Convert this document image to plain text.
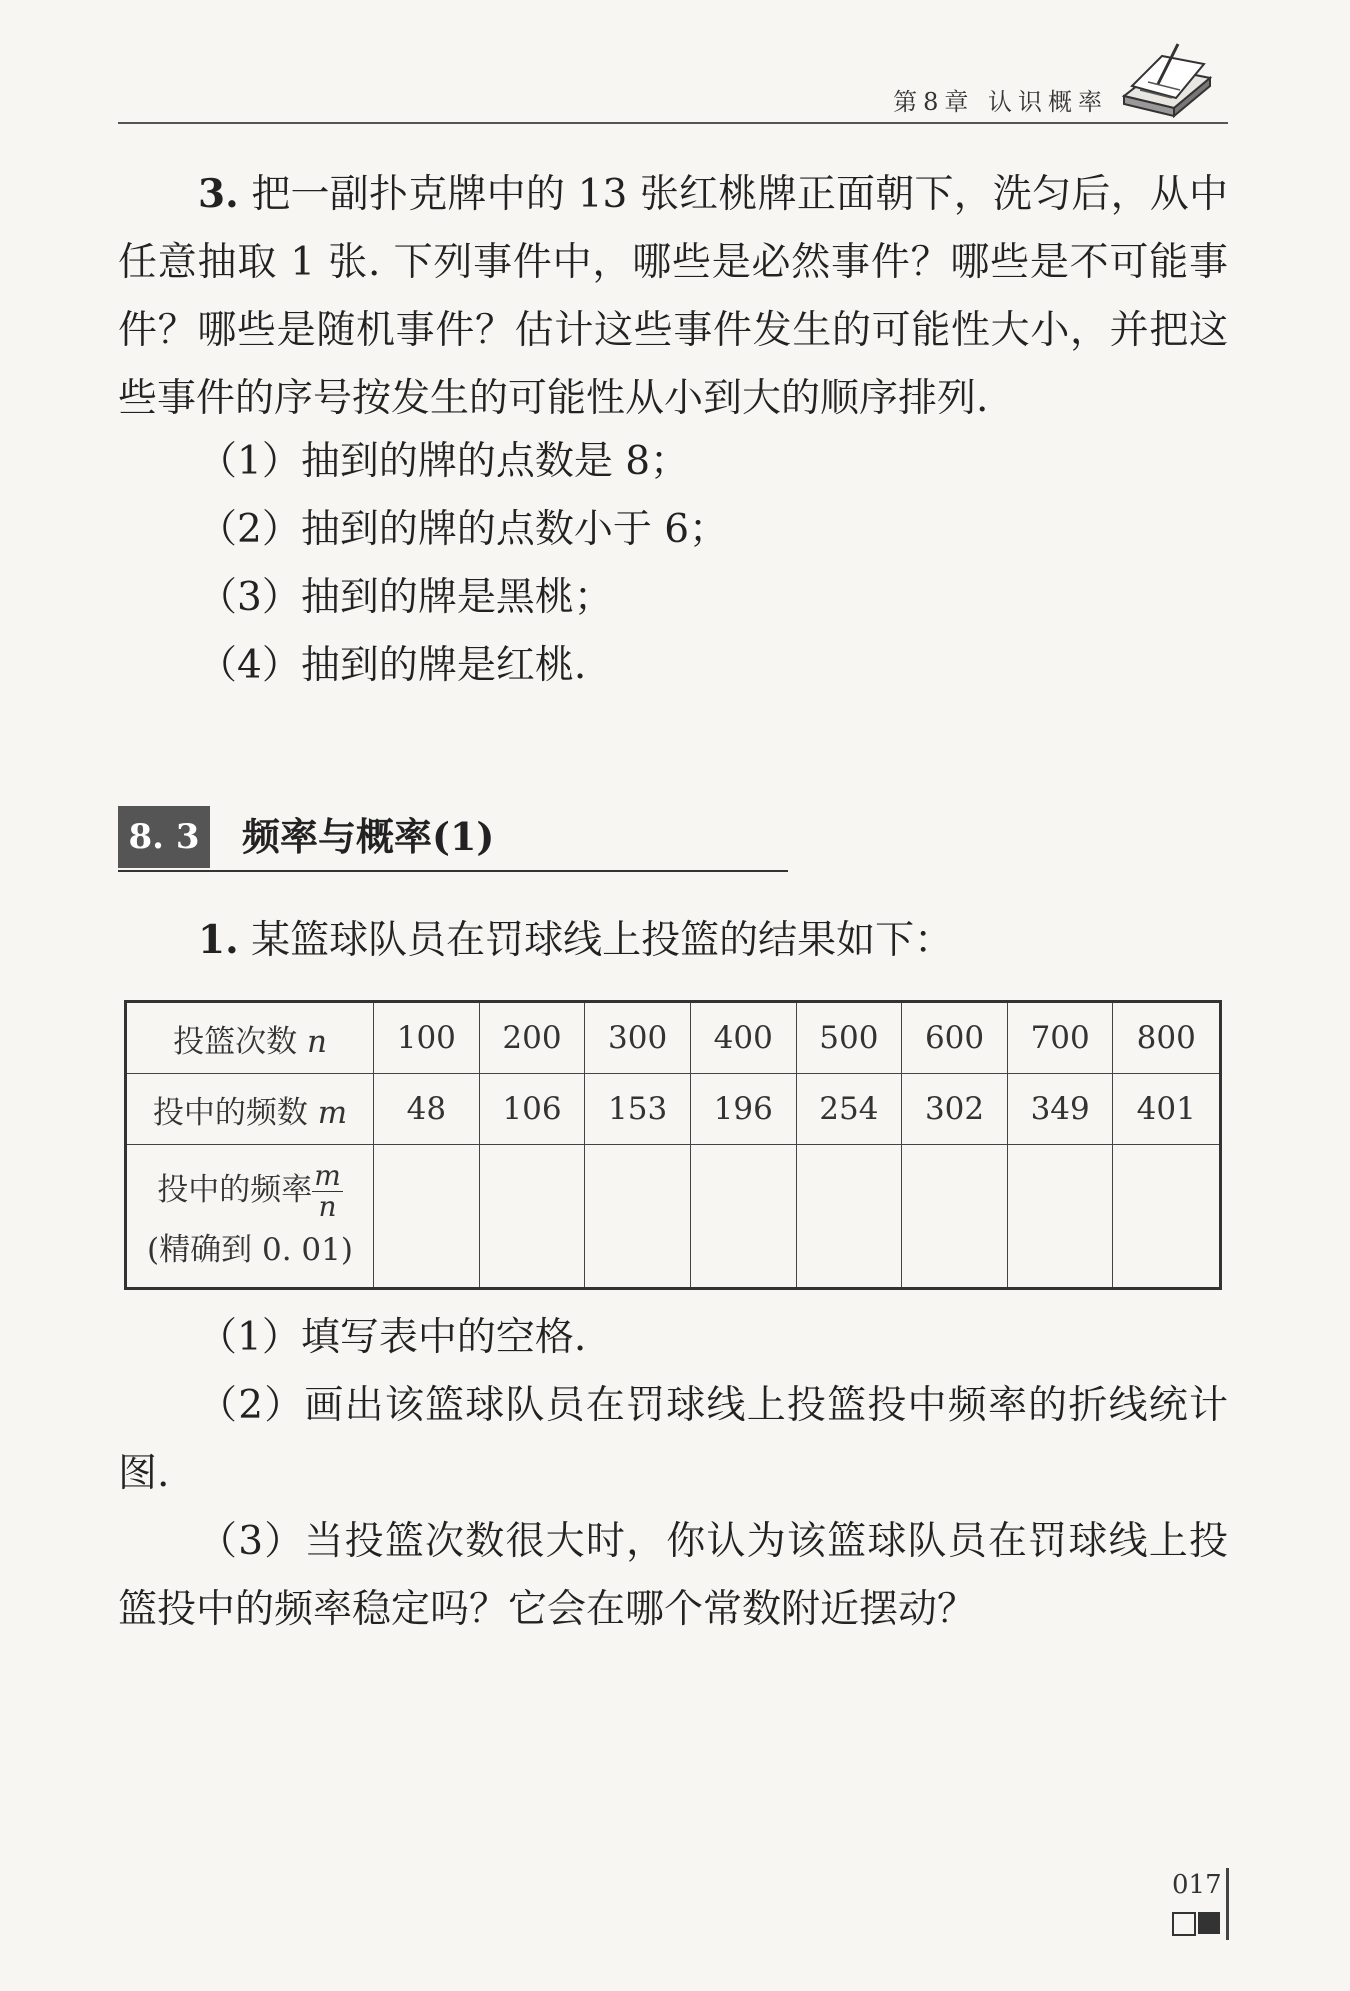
第8章 认识概率
3. 把一副扑克牌中的 13 张红桃牌正面朝下，洗匀后，从中任意抽取 1 张. 下列事件中，哪些是必然事件？哪些是不可能事件？哪些是随机事件？估计这些事件发生的可能性大小，并把这些事件的序号按发生的可能性从小到大的顺序排列.
（1）抽到的牌的点数是 8；
（2）抽到的牌的点数小于 6；
（3）抽到的牌是黑桃；
（4）抽到的牌是红桃.
8. 3 频率与概率(1)
1. 某篮球队员在罚球线上投篮的结果如下：
投篮次数 n	100	200	300	400	500	600	700	800
投中的频数 m	48	106	153	196	254	302	349	401

投中的频率 $\frac{m}{n}$
(精确到 0. 01)								

（1）填写表中的空格.
（2）画出该篮球队员在罚球线上投篮投中频率的折线统计图.
（3）当投篮次数很大时，你认为该篮球队员在罚球线上投篮投中的频率稳定吗？它会在哪个常数附近摆动？
017
